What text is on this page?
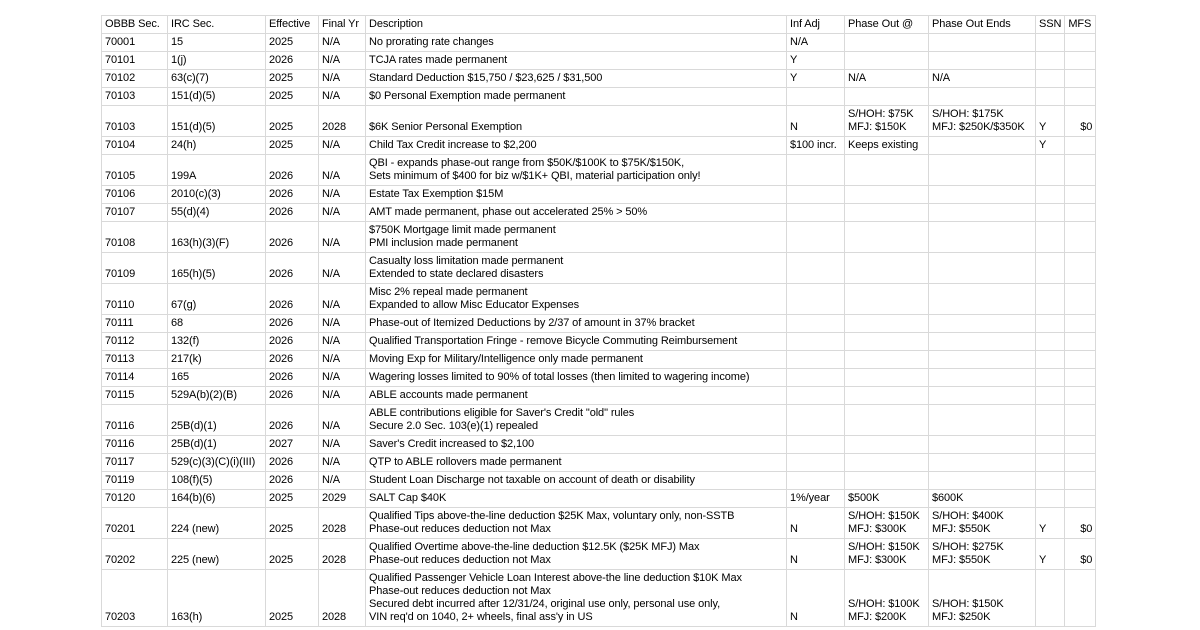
OBBB Sec.	IRC Sec.	Effective	Final Yr	Description	Inf Adj	Phase Out @	Phase Out Ends	SSN	MFS

70001	15	2025	N/A	No prorating rate changes	N/A				

70101	1(j)	2026	N/A	TCJA rates made permanent	Y				

70102	63(c)(7)	2025	N/A	Standard Deduction $15,750 / $23,625 / $31,500	Y	N/A	N/A		

70103	151(d)(5)	2025	N/A	$0 Personal Exemption made permanent					

70103	151(d)(5)	2025	2028	$6K Senior Personal Exemption	N	S/HOH: $75K
MFJ: $150K	S/HOH: $175K
MFJ: $250K/$350K	Y	$0

70104	24(h)	2025	N/A	Child Tax Credit increase to $2,200	$100 incr.	Keeps existing		Y	

70105	199A	2026	N/A	QBI - expands phase-out range from $50K/$100K to $75K/$150K,
Sets minimum of $400 for biz w/$1K+ QBI, material participation only!					

70106	2010(c)(3)	2026	N/A	Estate Tax Exemption $15M					

70107	55(d)(4)	2026	N/A	AMT made permanent, phase out accelerated 25% > 50%					

70108	163(h)(3)(F)	2026	N/A	$750K Mortgage limit made permanent
PMI inclusion made permanent					

70109	165(h)(5)	2026	N/A	Casualty loss limitation made permanent
Extended to state declared disasters					

70110	67(g)	2026	N/A	Misc 2% repeal made permanent
Expanded to allow Misc Educator Expenses					

70111	68	2026	N/A	Phase-out of Itemized Deductions by 2/37 of amount in 37% bracket					

70112	132(f)	2026	N/A	Qualified Transportation Fringe - remove Bicycle Commuting Reimbursement					

70113	217(k)	2026	N/A	Moving Exp for Military/Intelligence only made permanent					

70114	165	2026	N/A	Wagering losses limited to 90% of total losses (then limited to wagering income)					

70115	529A(b)(2)(B)	2026	N/A	ABLE accounts made permanent					

70116	25B(d)(1)	2026	N/A	ABLE contributions eligible for Saver's Credit "old" rules
Secure 2.0 Sec. 103(e)(1) repealed					

70116	25B(d)(1)	2027	N/A	Saver's Credit increased to $2,100					

70117	529(c)(3)(C)(i)(III)	2026	N/A	QTP to ABLE rollovers made permanent					

70119	108(f)(5)	2026	N/A	Student Loan Discharge not taxable on account of death or disability					

70120	164(b)(6)	2025	2029	SALT Cap $40K	1%/year	$500K	$600K		

70201	224 (new)	2025	2028	Qualified Tips above-the-line deduction $25K Max, voluntary only, non-SSTB
Phase-out reduces deduction not Max	N	S/HOH: $150K
MFJ: $300K	S/HOH: $400K
MFJ: $550K	Y	$0

70202	225 (new)	2025	2028	Qualified Overtime above-the-line deduction $12.5K ($25K MFJ) Max
Phase-out reduces deduction not Max	N	S/HOH: $150K
MFJ: $300K	S/HOH: $275K
MFJ: $550K	Y	$0

70203	163(h)	2025	2028	Qualified Passenger Vehicle Loan Interest above-the line deduction $10K Max
Phase-out reduces deduction not Max
Secured debt incurred after 12/31/24, original use only, personal use only,
VIN req'd on 1040, 2+ wheels, final ass'y in US	N	S/HOH: $100K
MFJ: $200K	S/HOH: $150K
MFJ: $250K		
